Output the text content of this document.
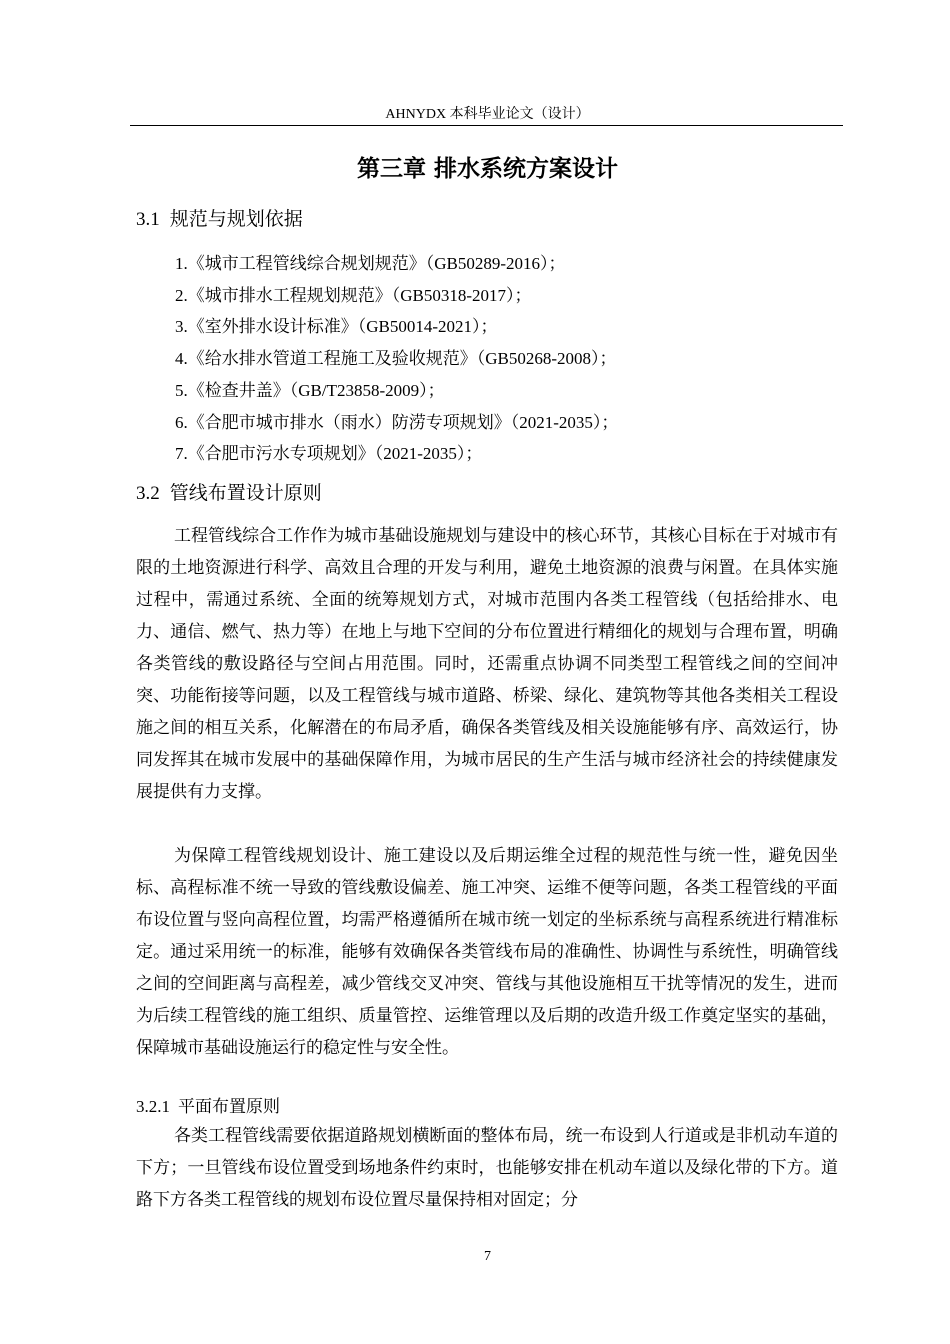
AHNYDX 本科毕业论文（设计）
第三章 排水系统方案设计
3.1 规范与规划依据
1.《城市工程管线综合规划规范》（GB50289-2016）；
2.《城市排水工程规划规范》（GB50318-2017）；
3.《室外排水设计标准》（GB50014-2021）；
4.《给水排水管道工程施工及验收规范》（GB50268-2008）；
5.《检查井盖》（GB/T23858-2009）；
6.《合肥市城市排水（雨水）防涝专项规划》（2021-2035）；
7.《合肥市污水专项规划》（2021-2035）；
3.2 管线布置设计原则

工程管线综合工作作为城市基础设施规划与建设中的核心环节，其核心目标在于对城市有限的土地资源进行科学、高效且合理的开发与利用，避免土地资源的浪费与闲置。在具体实施过程中，需通过系统、全面的统筹规划方式，对城市范围内各类工程管线（包括给排水、电力、通信、燃气、热力等）在地上与地下空间的分布位置进行精细化的规划与合理布置，明确各类管线的敷设路径与空间占用范围。同时，还需重点协调不同类型工程管线之间的空间冲突、功能衔接等问题，以及工程管线与城市道路、桥梁、绿化、建筑物等其他各类相关工程设施之间的相互关系，化解潜在的布局矛盾，确保各类管线及相关设施能够有序、高效运行，协同发挥其在城市发展中的基础保障作用，为城市居民的生产生活与城市经济社会的持续健康发展提供有力支撑。

为保障工程管线规划设计、施工建设以及后期运维全过程的规范性与统一性，避免因坐标、高程标准不统一导致的管线敷设偏差、施工冲突、运维不便等问题，各类工程管线的平面布设位置与竖向高程位置，均需严格遵循所在城市统一划定的坐标系统与高程系统进行精准标定。通过采用统一的标准，能够有效确保各类管线布局的准确性、协调性与系统性，明确管线之间的空间距离与高程差，减少管线交叉冲突、管线与其他设施相互干扰等情况的发生，进而为后续工程管线的施工组织、质量管控、运维管理以及后期的改造升级工作奠定坚实的基础，保障城市基础设施运行的稳定性与安全性。

3.2.1 平面布置原则

各类工程管线需要依据道路规划横断面的整体布局，统一布设到人行道或是非机动车道的下方；一旦管线布设位置受到场地条件约束时，也能够安排在机动车道以及绿化带的下方。道路下方各类工程管线的规划布设位置尽量保持相对固定；分

7
